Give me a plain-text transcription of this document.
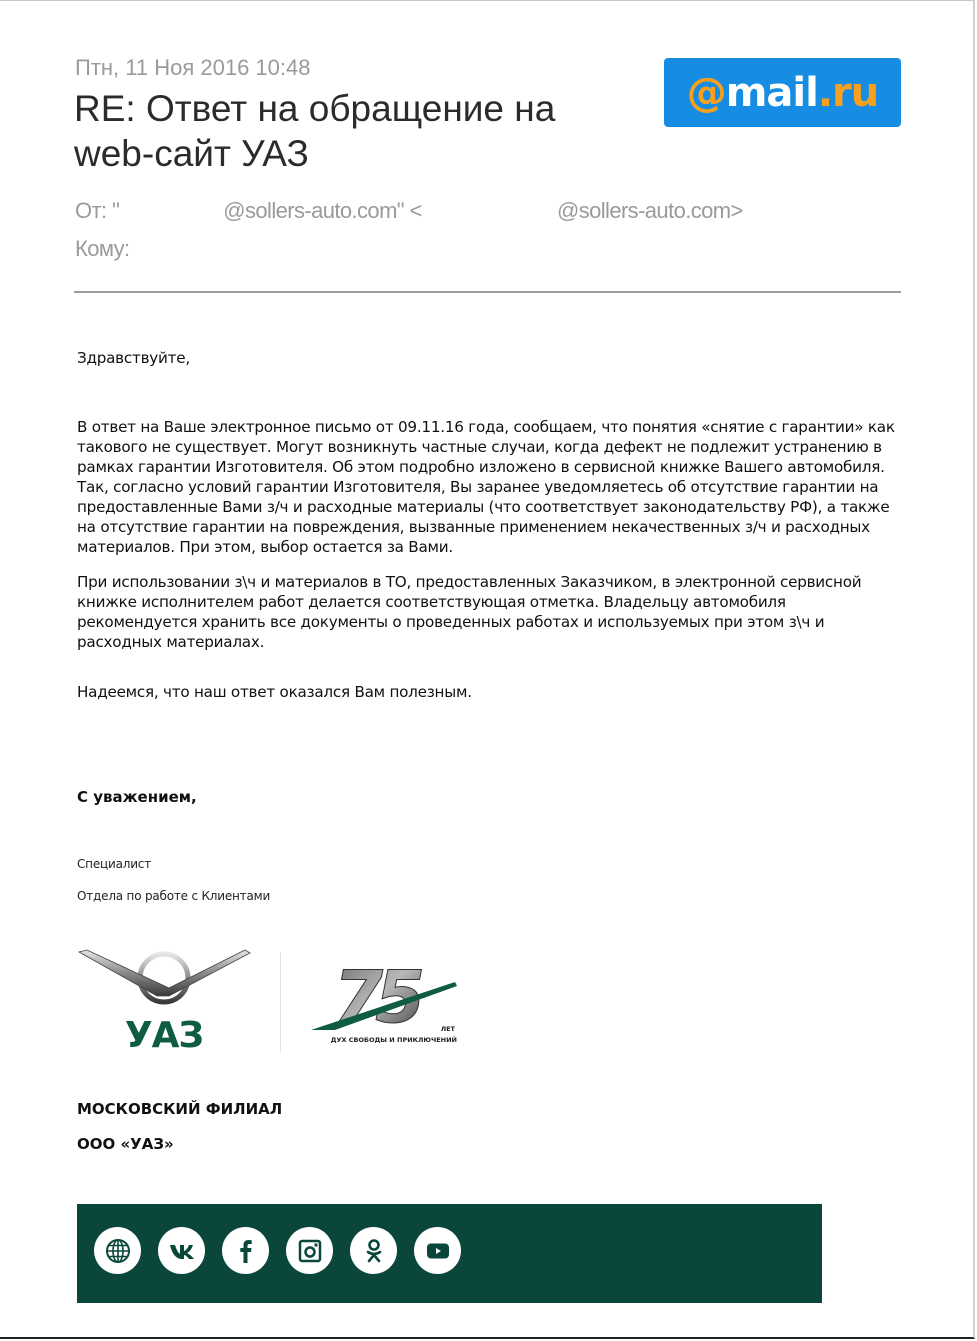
Птн, 11 Ноя 2016 10:48
RE: Ответ на обращение на web-сайт УАЗ
@ mail . ru
От: "	@sollers-auto.com" <	@sollers-auto.com>
Кому:
Здравствуйте,
В ответ на Ваше электронное письмо от 09.11.16 года, сообщаем, что понятия «снятие с гарантии» как такового не существует. Могут возникнуть частные случаи, когда дефект не подлежит устранению в рамках гарантии Изготовителя. Об этом подробно изложено в сервисной книжке Вашего автомобиля. Так, согласно условий гарантии Изготовителя, Вы заранее уведомляетесь об отсутствие гарантии на предоставленные Вами з/ч и расходные материалы (что соответствует законодательству РФ), а также на отсутствие гарантии на повреждения, вызванные применением некачественных з/ч и расходных материалов. При этом, выбор остается за Вами.
При использовании з\ч и материалов в ТО, предоставленных Заказчиком, в электронной сервисной книжке исполнителем работ делается соответствующая отметка. Владельцу автомобиля рекомендуется хранить все документы о проведенных работах и используемых при этом з\ч и расходных материалах.
Надеемся, что наш ответ оказался Вам полезным.
С уважением,
Специалист
Отдела по работе с Клиентами
УАЗ 75	ЛЕТ
ДУХ СВОБОДЫ И ПРИКЛЮЧЕНИЙ
МОСКОВСКИЙ ФИЛИАЛ
ООО «УАЗ»
